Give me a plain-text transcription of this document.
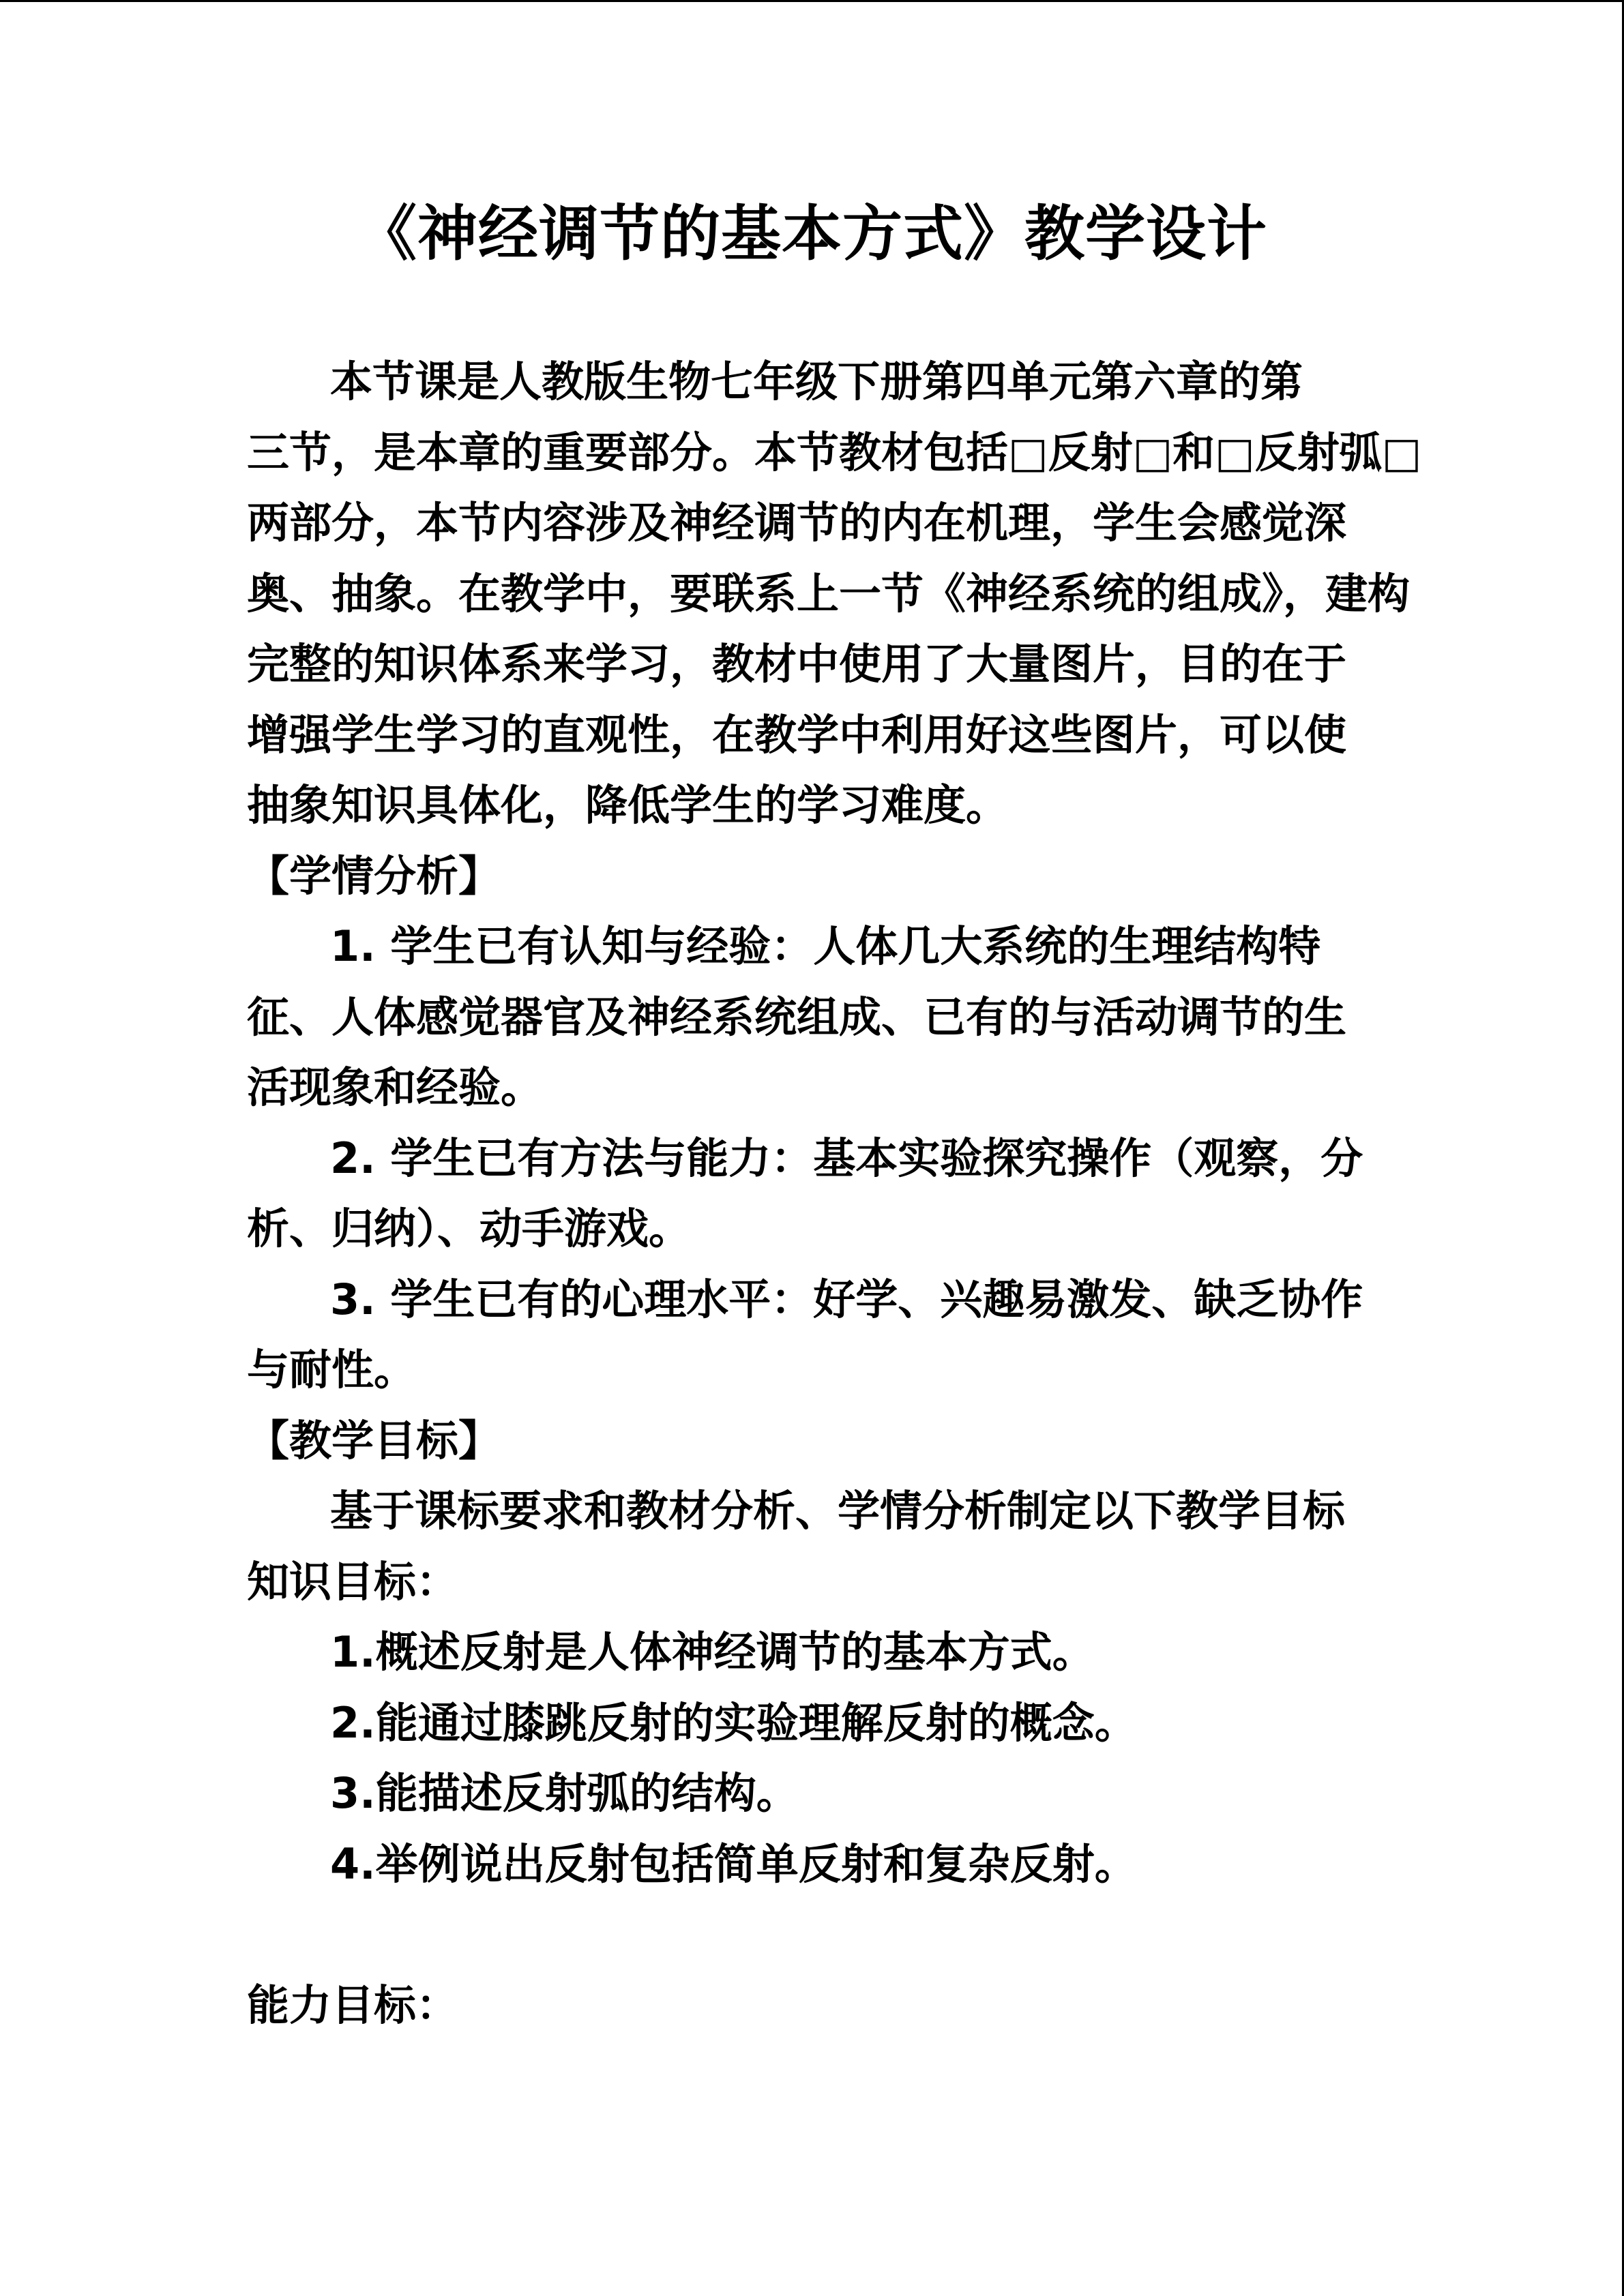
《神经调节的基本方式》教学设计
本节课是人教版生物七年级下册第四单元第六章的第
三节，是本章的重要部分。本节教材包括□反射□和□反射弧□
两部分，本节内容涉及神经调节的内在机理，学生会感觉深
奥、抽象。在教学中，要联系上一节《神经系统的组成》，建构
完整的知识体系来学习，教材中使用了大量图片，目的在于
增强学生学习的直观性，在教学中利用好这些图片，可以使
抽象知识具体化，降低学生的学习难度。
【学情分析】
1. 学生已有认知与经验：人体几大系统的生理结构特
征、人体感觉器官及神经系统组成、已有的与活动调节的生
活现象和经验。
2. 学生已有方法与能力：基本实验探究操作（观察，分
析、归纳）、动手游戏。
3. 学生已有的心理水平：好学、兴趣易激发、缺乏协作
与耐性。
【教学目标】
基于课标要求和教材分析、学情分析制定以下教学目标
知识目标：
1.概述反射是人体神经调节的基本方式。
2.能通过膝跳反射的实验理解反射的概念。
3.能描述反射弧的结构。
4.举例说出反射包括简单反射和复杂反射。
能力目标：
